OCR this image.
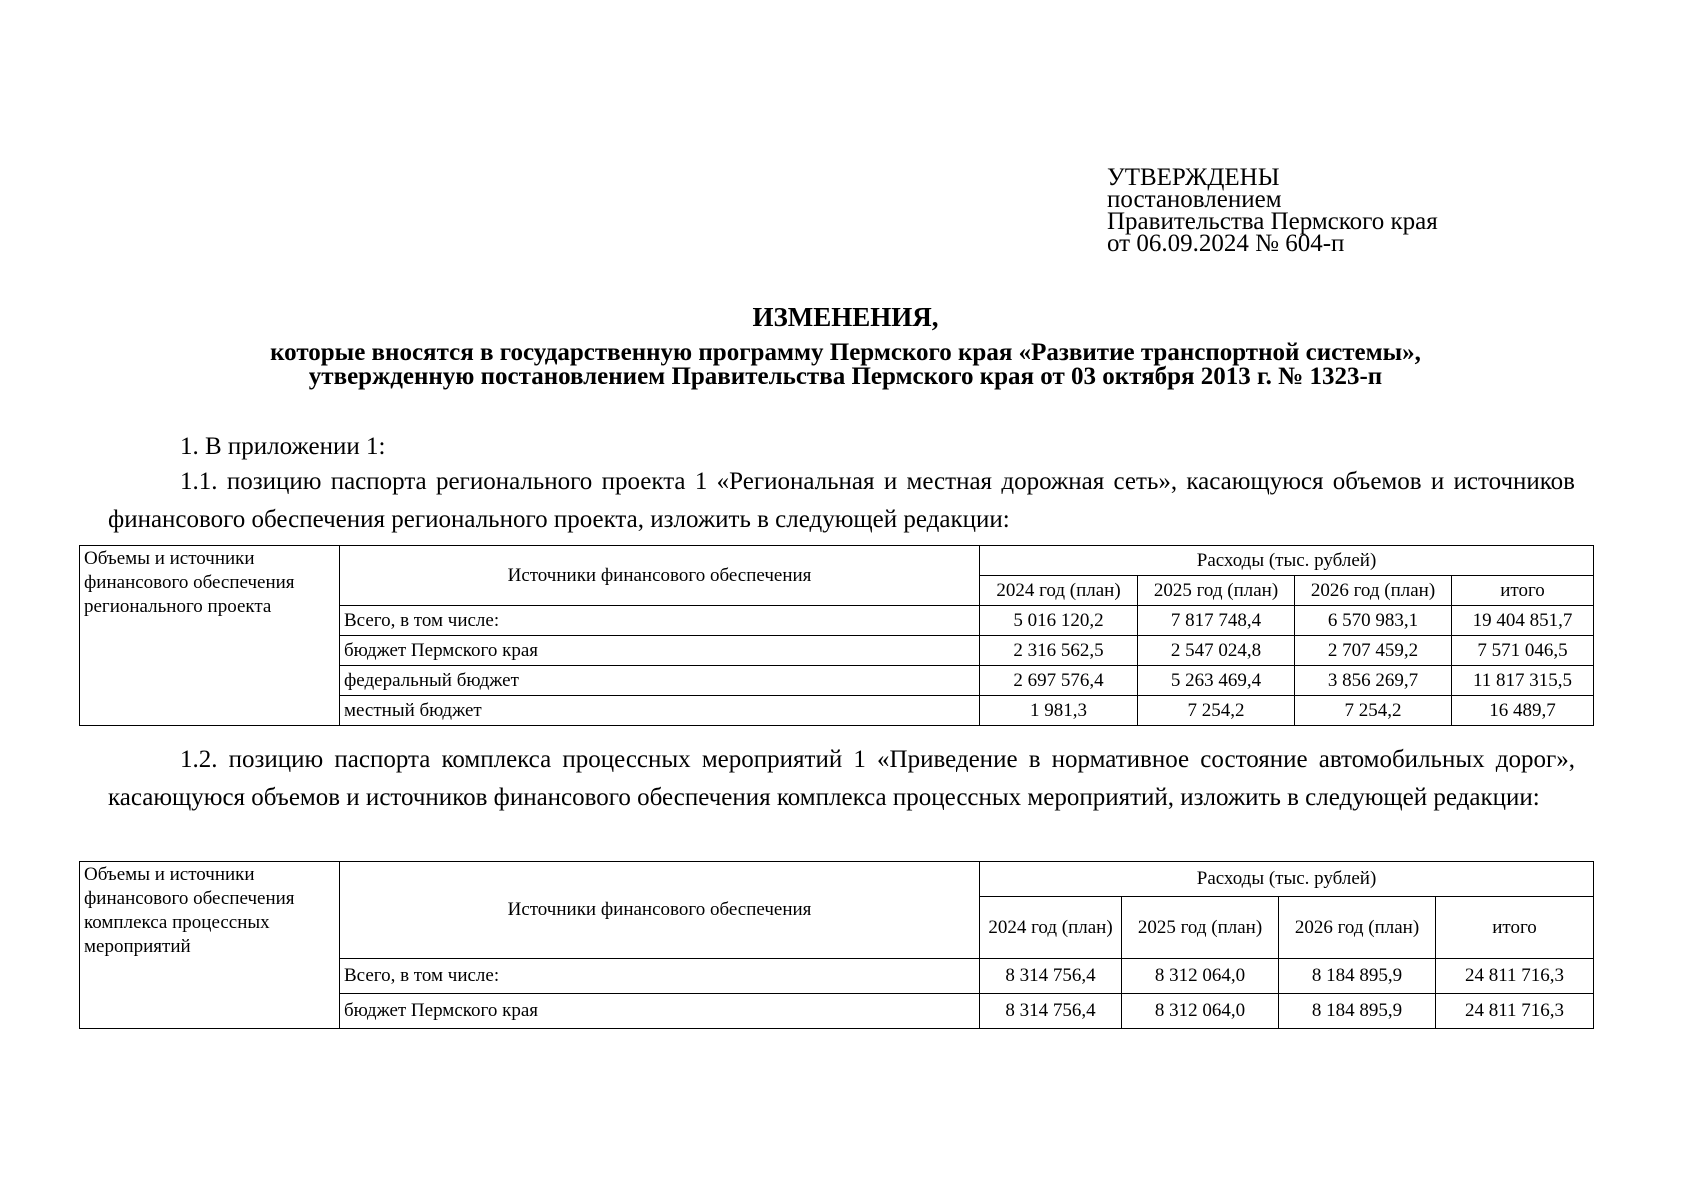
УТВЕРЖДЕНЫ
постановлением
Правительства Пермского края
от 06.09.2024 № 604-п
ИЗМЕНЕНИЯ,
которые вносятся в государственную программу Пермского края «Развитие транспортной системы»,
утвержденную постановлением Правительства Пермского края от 03 октября 2013 г. № 1323-п
1. В приложении 1:
1.1. позицию паспорта регионального проекта 1 «Региональная и местная дорожная сеть», касающуюся объемов и источников финансового обеспечения регионального проекта, изложить в следующей редакции:
Объемы и источники финансового обеспечения регионального проекта	Источники финансового обеспечения	Расходы (тыс. рублей)			
		2024 год (план)	2025 год (план)	2026 год (план)	итого
	Всего, в том числе:	5 016 120,2	7 817 748,4	6 570 983,1	19 404 851,7
	бюджет Пермского края	2 316 562,5	2 547 024,8	2 707 459,2	7 571 046,5
	федеральный бюджет	2 697 576,4	5 263 469,4	3 856 269,7	11 817 315,5
	местный бюджет	1 981,3	7 254,2	7 254,2	16 489,7
1.2. позицию паспорта комплекса процессных мероприятий 1 «Приведение в нормативное состояние автомобильных дорог», касающуюся объемов и источников финансового обеспечения комплекса процессных мероприятий, изложить в следующей редакции:
Объемы и источники финансового обеспечения комплекса процессных мероприятий	Источники финансового обеспечения	Расходы (тыс. рублей)			
		2024 год (план)	2025 год (план)	2026 год (план)	итого
	Всего, в том числе:	8 314 756,4	8 312 064,0	8 184 895,9	24 811 716,3
	бюджет Пермского края	8 314 756,4	8 312 064,0	8 184 895,9	24 811 716,3
